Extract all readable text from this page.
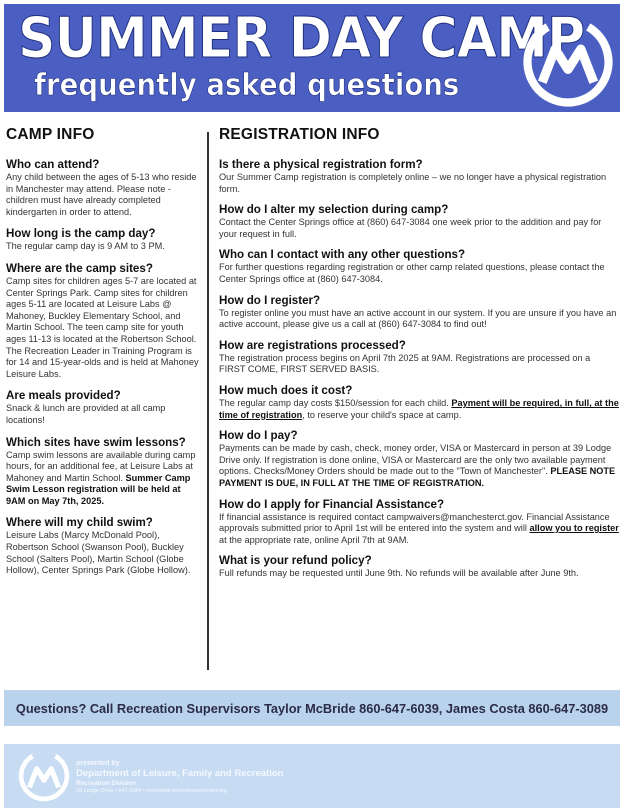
SUMMER DAY CAMP
frequently asked questions
CAMP INFO
Who can attend?
Any child between the ages of 5-13 who reside in Manchester may attend. Please note - children must have already completed kindergarten in order to attend.
How long is the camp day?
The regular camp day is 9 AM to 3 PM.
Where are the camp sites?
Camp sites for children ages 5-7 are located at Center Springs Park. Camp sites for children ages 5-11 are located at Leisure Labs @ Mahoney, Buckley Elementary School, and Martin School. The teen camp site for youth ages 11-13 is located at the Robertson School. The Recreation Leader in Training Program is for 14 and 15-year-olds and is held at Mahoney Leisure Labs.
Are meals provided?
Snack & lunch are provided at all camp locations!
Which sites have swim lessons?
Camp swim lessons are available during camp hours, for an additional fee, at Leisure Labs at Mahoney and Martin School. Summer Camp Swim Lesson registration will be held at 9AM on May 7th, 2025.
Where will my child swim?
Leisure Labs (Marcy McDonald Pool), Robertson School (Swanson Pool), Buckley School (Salters Pool), Martin School (Globe Hollow), Center Springs Park (Globe Hollow).
REGISTRATION INFO
Is there a physical registration form?
Our Summer Camp registration is completely online – we no longer have a physical registration form.
How do I alter my selection during camp?
Contact the Center Springs office at (860) 647-3084 one week prior to the addition and pay for your request in full.
Who can I contact with any other questions?
For further questions regarding registration or other camp related questions, please contact the Center Springs office at (860) 647-3084.
How do I register?
To register online you must have an active account in our system. If you are unsure if you have an active account, please give us a call at (860) 647-3084 to find out!
How are registrations processed?
The registration process begins on April 7th 2025 at 9AM. Registrations are processed on a FIRST COME, FIRST SERVED BASIS.
How much does it cost?
The regular camp day costs $150/session for each child. Payment will be required, in full, at the time of registration, to reserve your child's space at camp.
How do I pay?
Payments can be made by cash, check, money order, VISA or Mastercard in person at 39 Lodge Drive only. If registration is done online, VISA or Mastercard are the only two available payment options. Checks/Money Orders should be made out to the "Town of Manchester". PLEASE NOTE PAYMENT IS DUE, IN FULL AT THE TIME OF REGISTRATION.
How do I apply for Financial Assistance?
If financial assistance is required contact campwaivers@manchesterct.gov. Financial Assistance approvals submitted prior to April 1st will be entered into the system and will allow you to register at the appropriate rate, online April 7th at 9AM.
What is your refund policy?
Full refunds may be requested until June 9th. No refunds will be available after June 9th.
Questions? Call Recreation Supervisors Taylor McBride 860-647-6039, James Costa 860-647-3089
presented by
Department of Leisure, Family and Recreation
Recreation Division
39 Lodge Drive • 647-3084 • recreation.townofmanchester.org
